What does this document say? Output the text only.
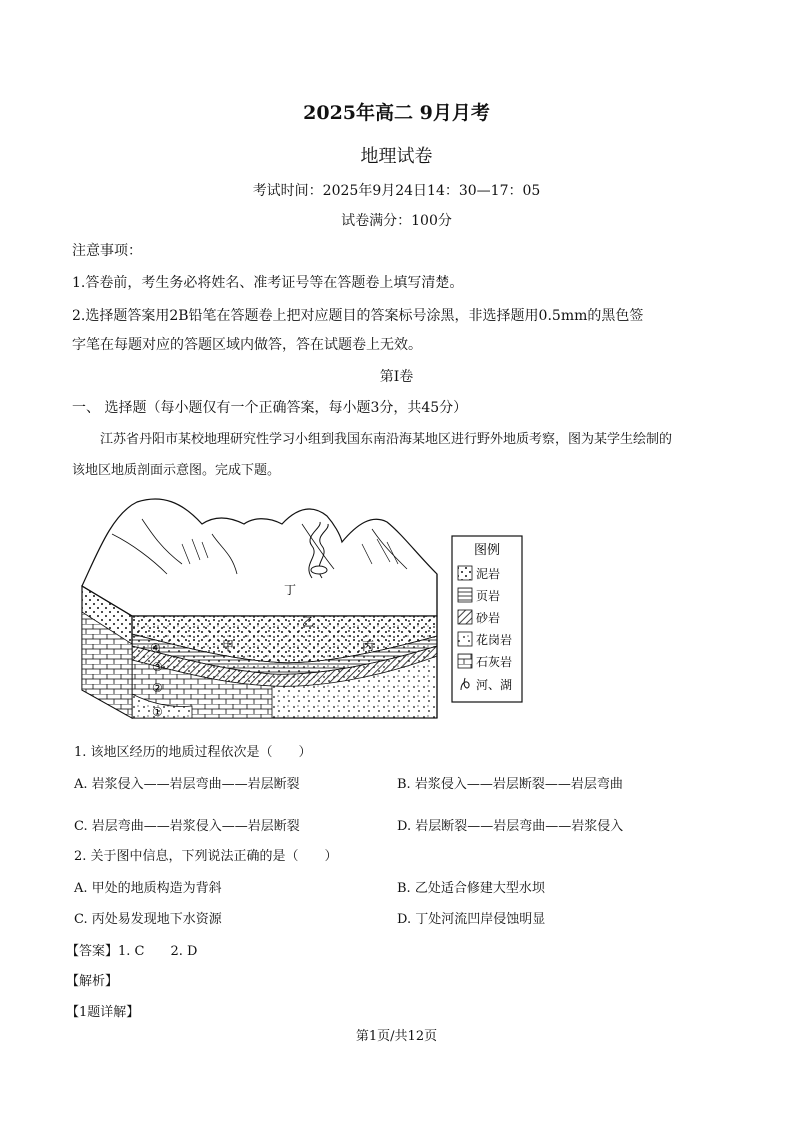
2025年高二 9月月考
地理试卷
考试时间：2025年9月24日14：30—17：05
试卷满分：100分
注意事项：
1.答卷前，考生务必将姓名、准考证号等在答题卷上填写清楚。
2.选择题答案用2B铅笔在答题卷上把对应题目的答案标号涂黑，非选择题用0.5mm的黑色签
字笔在每题对应的答题区域内做答，答在试题卷上无效。
第I卷
一、 选择题（每小题仅有一个正确答案，每小题3分，共45分）
江苏省丹阳市某校地理研究性学习小组到我国东南沿海某地区进行野外地质考察，图为某学生绘制的
该地区地质剖面示意图。完成下题。
甲
乙
丙
丁
①
②
③
④
图例
泥岩
页岩
砂岩
花岗岩
石灰岩
河、湖
1. 该地区经历的地质过程依次是（　　）
A. 岩浆侵入——岩层弯曲——岩层断裂	B. 岩浆侵入——岩层断裂——岩层弯曲
C. 岩层弯曲——岩浆侵入——岩层断裂	D. 岩层断裂——岩层弯曲——岩浆侵入
2. 关于图中信息，下列说法正确的是（　　）
A. 甲处的地质构造为背斜	B. 乙处适合修建大型水坝
C. 丙处易发现地下水资源	D. 丁处河流凹岸侵蚀明显
【答案】1. C　　2. D
【解析】
【1题详解】
第1页/共12页
